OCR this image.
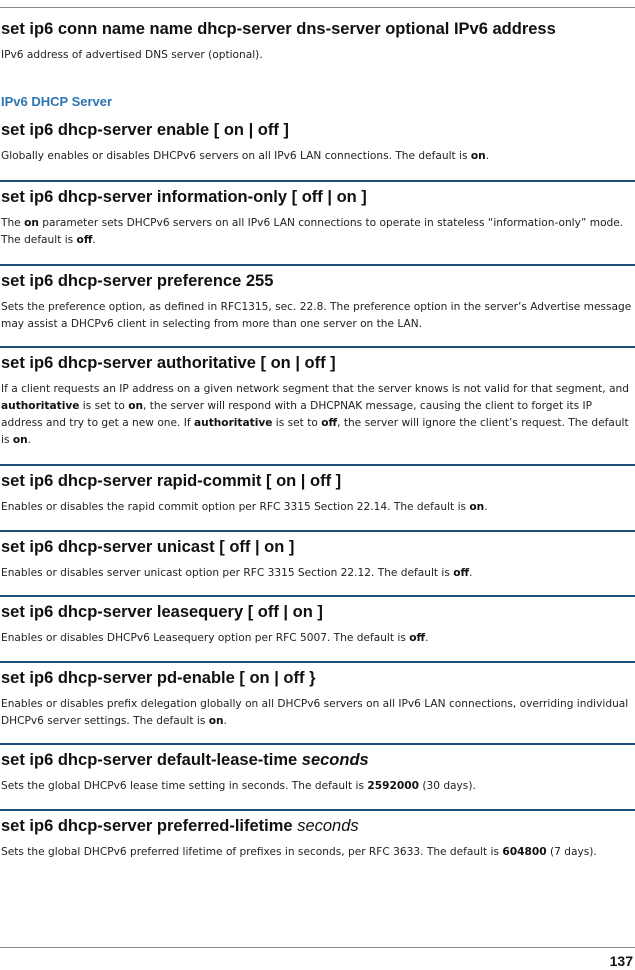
set ip6 conn name name dhcp-server dns-server optional IPv6 address
IPv6 address of advertised DNS server (optional).
IPv6 DHCP Server
set ip6 dhcp-server enable [ on | off ]
Globally enables or disables DHCPv6 servers on all IPv6 LAN connections. The default is on.
set ip6 dhcp-server information-only [ off | on ]
The on parameter sets DHCPv6 servers on all IPv6 LAN connections to operate in stateless “information-only” mode. The default is off.
set ip6 dhcp-server preference 255
Sets the preference option, as defined in RFC1315, sec. 22.8. The preference option in the server’s Advertise message may assist a DHCPv6 client in selecting from more than one server on the LAN.
set ip6 dhcp-server authoritative [ on | off ]
If a client requests an IP address on a given network segment that the server knows is not valid for that segment, and authoritative is set to on, the server will respond with a DHCPNAK message, causing the client to forget its IP address and try to get a new one. If authoritative is set to off, the server will ignore the client’s request. The default is on.
set ip6 dhcp-server rapid-commit [ on | off ]
Enables or disables the rapid commit option per RFC 3315 Section 22.14. The default is on.
set ip6 dhcp-server unicast [ off | on ]
Enables or disables server unicast option per RFC 3315 Section 22.12. The default is off.
set ip6 dhcp-server leasequery [ off | on ]
Enables or disables DHCPv6 Leasequery option per RFC 5007. The default is off.
set ip6 dhcp-server pd-enable [ on | off }
Enables or disables prefix delegation globally on all DHCPv6 servers on all IPv6 LAN connections, overriding individual DHCPv6 server settings. The default is on.
set ip6 dhcp-server default-lease-time seconds
Sets the global DHCPv6 lease time setting in seconds. The default is 2592000 (30 days).
set ip6 dhcp-server preferred-lifetime seconds
Sets the global DHCPv6 preferred lifetime of prefixes in seconds, per RFC 3633. The default is 604800 (7 days).
137
